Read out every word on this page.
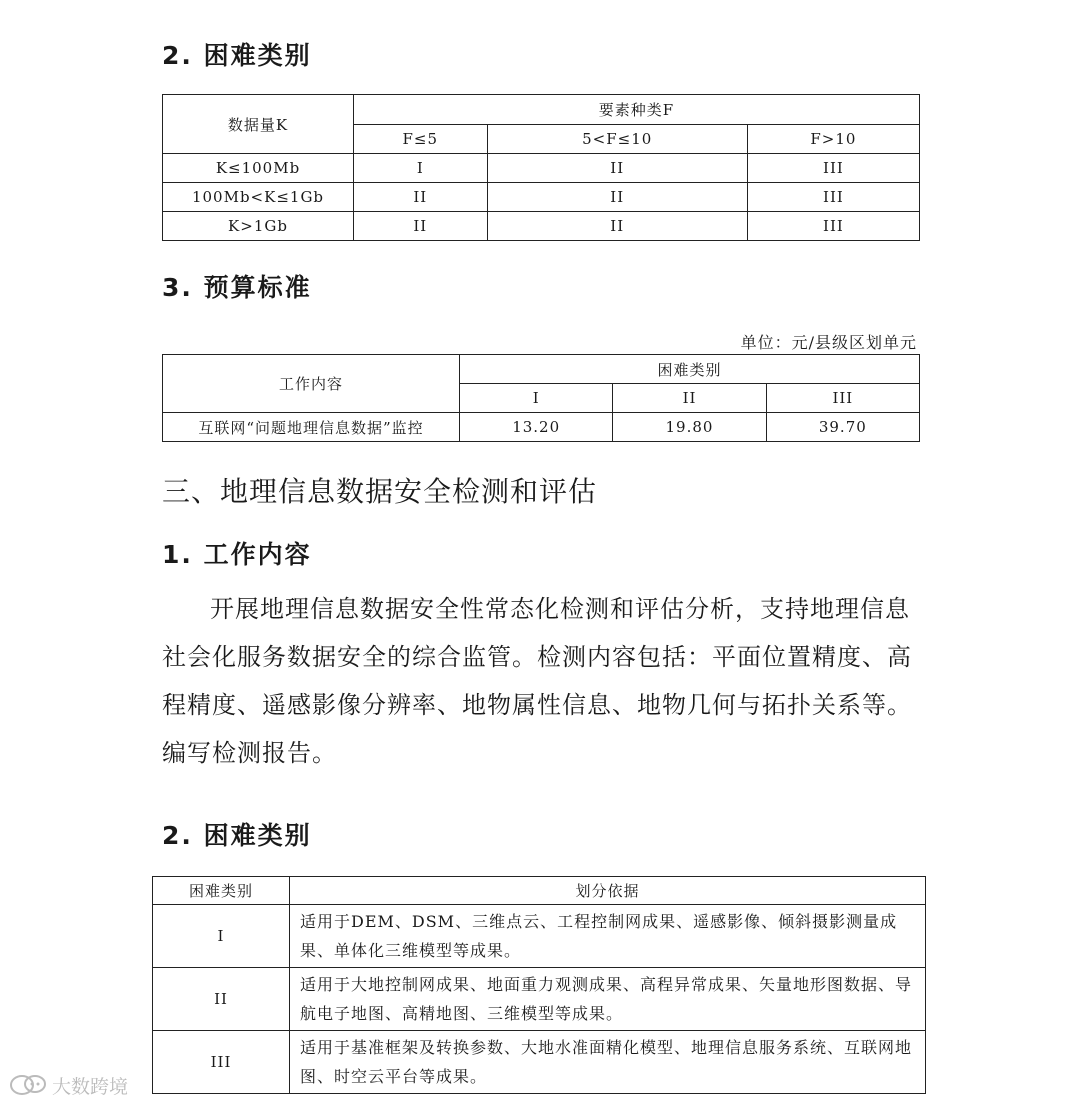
2. 困难类别
数据量K	要素种类F		
	F≤5	5<F≤10	F>10
K≤100Mb	I	II	III
100Mb<K≤1Gb	II	II	III
K>1Gb	II	II	III
3. 预算标准
单位：元/县级区划单元
工作内容	困难类别		
	I	II	III
互联网“问题地理信息数据”监控	13.20	19.80	39.70
三、地理信息数据安全检测和评估
1. 工作内容

开展地理信息数据安全性常态化检测和评估分析，支持地理信息社会化服务数据安全的综合监管。检测内容包括：平面位置精度、高程精度、遥感影像分辨率、地物属性信息、地物几何与拓扑关系等。编写检测报告。

2. 困难类别
困难类别	划分依据
I	适用于DEM、DSM、三维点云、工程控制网成果、遥感影像、倾斜摄影测量成果、单体化三维模型等成果。
II	适用于大地控制网成果、地面重力观测成果、高程异常成果、矢量地形图数据、导航电子地图、高精地图、三维模型等成果。
III	适用于基准框架及转换参数、大地水准面精化模型、地理信息服务系统、互联网地图、时空云平台等成果。
大数跨境
